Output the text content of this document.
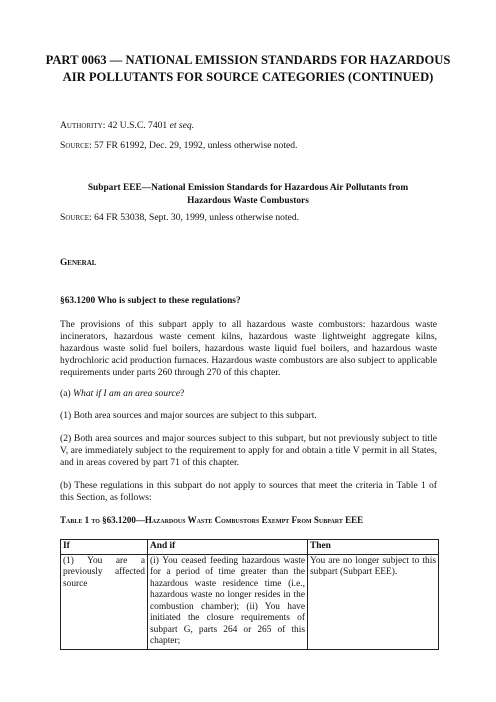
PART 0063 — NATIONAL EMISSION STANDARDS FOR HAZARDOUS AIR POLLUTANTS FOR SOURCE CATEGORIES (CONTINUED)
Authority: 42 U.S.C. 7401 et seq.
Source: 57 FR 61992, Dec. 29, 1992, unless otherwise noted.
Subpart EEE—National Emission Standards for Hazardous Air Pollutants from Hazardous Waste Combustors
Source: 64 FR 53038, Sept. 30, 1999, unless otherwise noted.
General
§63.1200 Who is subject to these regulations?
The provisions of this subpart apply to all hazardous waste combustors: hazardous waste incinerators, hazardous waste cement kilns, hazardous waste lightweight aggregate kilns, hazardous waste solid fuel boilers, hazardous waste liquid fuel boilers, and hazardous waste hydrochloric acid production furnaces. Hazardous waste combustors are also subject to applicable requirements under parts 260 through 270 of this chapter.
(a) What if I am an area source?
(1) Both area sources and major sources are subject to this subpart.
(2) Both area sources and major sources subject to this subpart, but not previously subject to title V, are immediately subject to the requirement to apply for and obtain a title V permit in all States, and in areas covered by part 71 of this chapter.
(b) These regulations in this subpart do not apply to sources that meet the criteria in Table 1 of this Section, as follows:
Table 1 to §63.1200—Hazardous Waste Combustors Exempt From Subpart EEE
If	And if	Then
(1) You are a previously affected source	(i) You ceased feeding hazardous waste for a period of time greater than the hazardous waste residence time (i.e., hazardous waste no longer resides in the combustion chamber); (ii) You have initiated the closure requirements of subpart G, parts 264 or 265 of this chapter;	You are no longer subject to this subpart (Subpart EEE).
